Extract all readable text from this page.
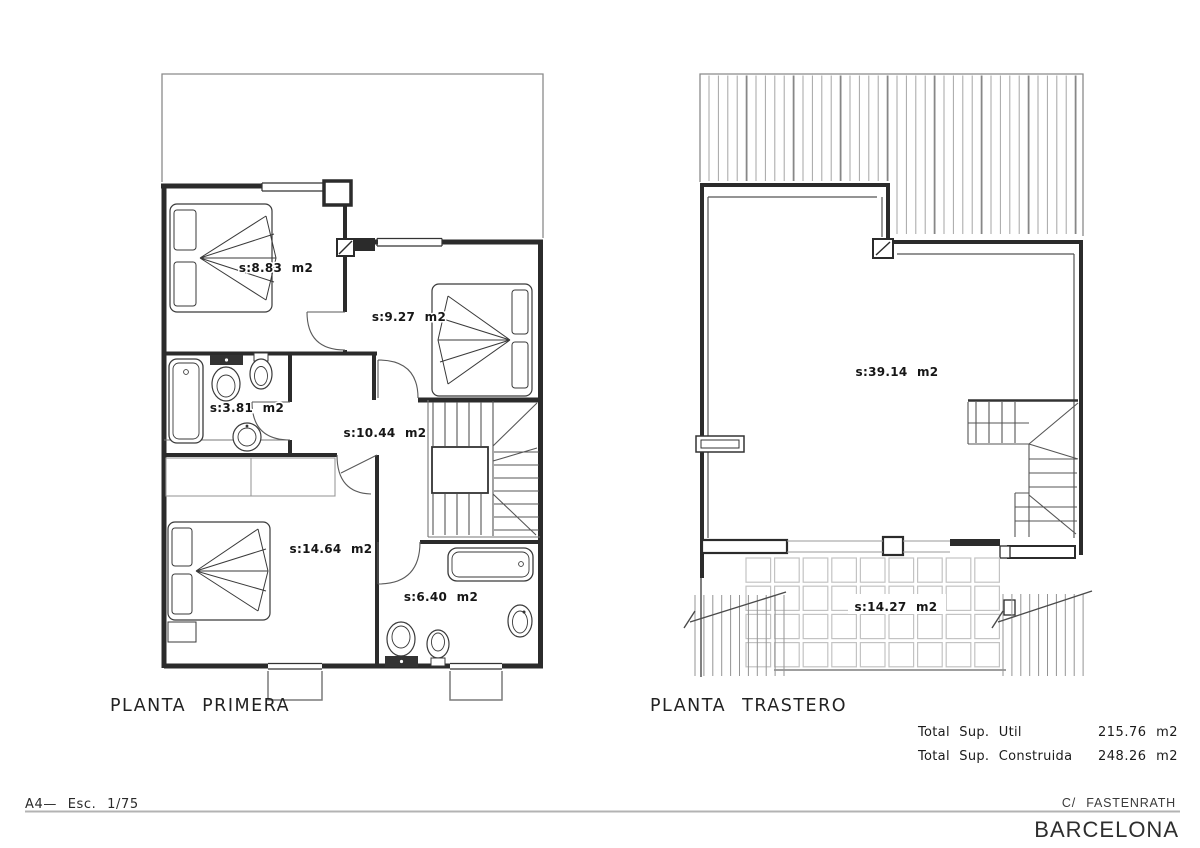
s:8.83 m2
s:9.27 m2
s:3.81 m2
s:10.44 m2
s:14.64 m2
s:6.40 m2
PLANTA PRIMERA
s:39.14 m2
s:14.27 m2
PLANTA TRASTERO
Total Sup. Util	215.76 m2
Total Sup. Construida 248.26 m2
A4— Esc. 1/75	C/ FASTENRATH
BARCELONA
